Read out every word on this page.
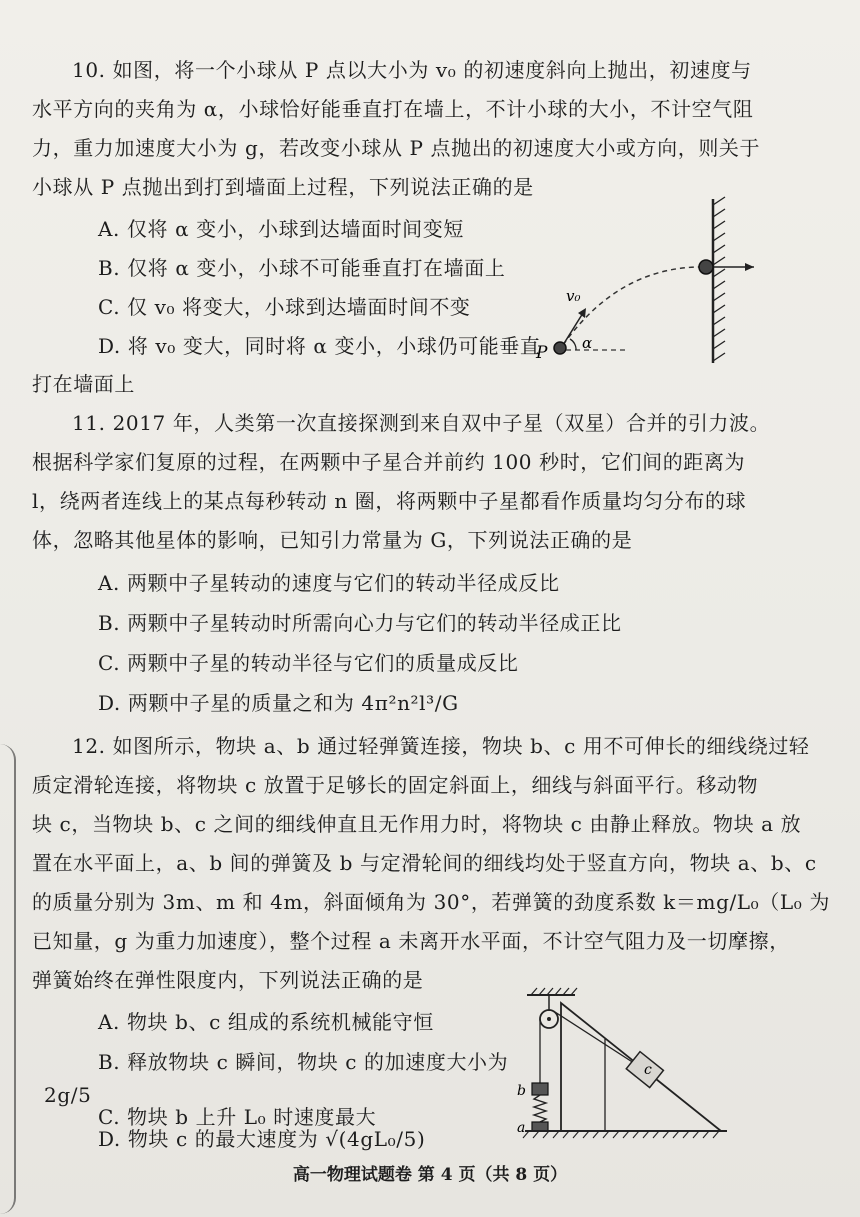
10. 如图，将一个小球从 P 点以大小为 v₀ 的初速度斜向上抛出，初速度与
水平方向的夹角为 α，小球恰好能垂直打在墙上，不计小球的大小，不计空气阻
力，重力加速度大小为 g，若改变小球从 P 点抛出的初速度大小或方向，则关于
小球从 P 点抛出到打到墙面上过程，下列说法正确的是
A. 仅将 α 变小，小球到达墙面时间变短
B. 仅将 α 变小，小球不可能垂直打在墙面上
C. 仅 v₀ 将变大，小球到达墙面时间不变
D. 将 v₀ 变大，同时将 α 变小，小球仍可能垂直
打在墙面上
v₀
P α
11. 2017 年，人类第一次直接探测到来自双中子星（双星）合并的引力波。
根据科学家们复原的过程，在两颗中子星合并前约 100 秒时，它们间的距离为
l，绕两者连线上的某点每秒转动 n 圈，将两颗中子星都看作质量均匀分布的球
体，忽略其他星体的影响，已知引力常量为 G，下列说法正确的是
A. 两颗中子星转动的速度与它们的转动半径成反比
B. 两颗中子星转动时所需向心力与它们的转动半径成正比
C. 两颗中子星的转动半径与它们的质量成反比
D. 两颗中子星的质量之和为 4π²n²l³/G
12. 如图所示，物块 a、b 通过轻弹簧连接，物块 b、c 用不可伸长的细线绕过轻
质定滑轮连接，将物块 c 放置于足够长的固定斜面上，细线与斜面平行。移动物
块 c，当物块 b、c 之间的细线伸直且无作用力时，将物块 c 由静止释放。物块 a 放
置在水平面上，a、b 间的弹簧及 b 与定滑轮间的细线均处于竖直方向，物块 a、b、c
的质量分别为 3m、m 和 4m，斜面倾角为 30°，若弹簧的劲度系数 k＝mg/L₀（L₀ 为
已知量，g 为重力加速度），整个过程 a 未离开水平面，不计空气阻力及一切摩擦，
弹簧始终在弹性限度内，下列说法正确的是
A. 物块 b、c 组成的系统机械能守恒
B. 释放物块 c 瞬间，物块 c 的加速度大小为
2g/5
c
b
a
C. 物块 b 上升 L₀ 时速度最大
高一物理试题卷 第 4 页（共 8 页）
D. 物块 c 的最大速度为 √(4gL₀/5)
